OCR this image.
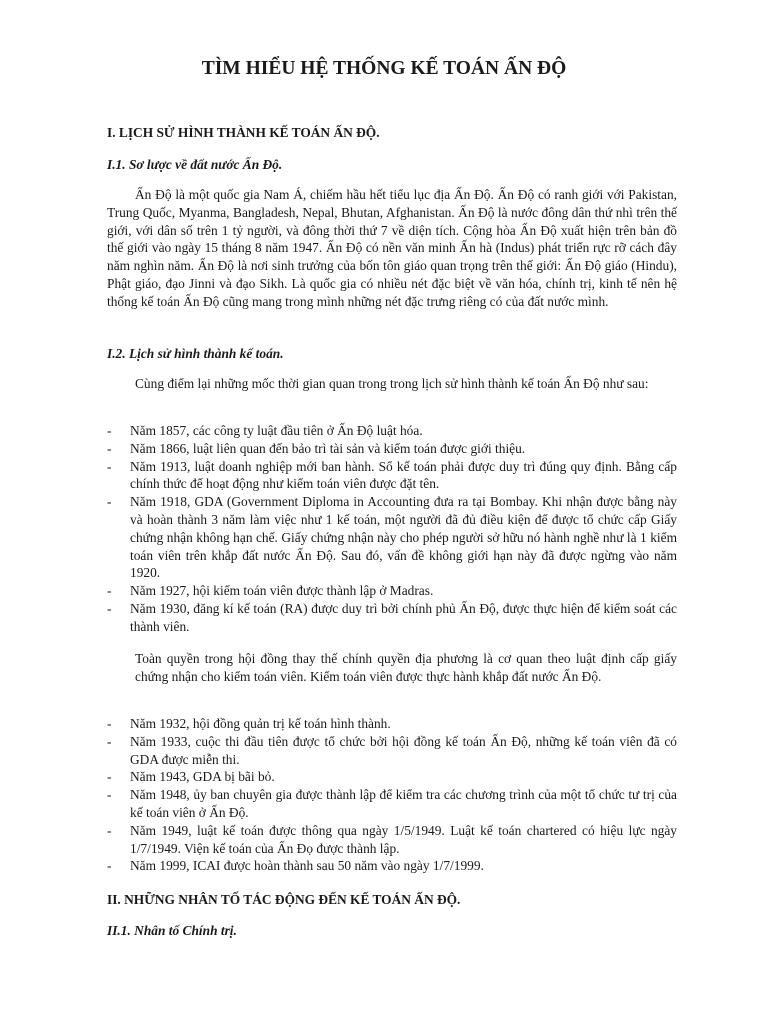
TÌM HIỂU HỆ THỐNG KẾ TOÁN ẤN ĐỘ
I. LỊCH SỬ HÌNH THÀNH KẾ TOÁN ẤN ĐỘ.
I.1. Sơ lược về đất nước Ấn Độ.
Ấn Độ là một quốc gia Nam Á, chiếm hầu hết tiểu lục địa Ấn Độ. Ấn Độ có ranh giới với Pakistan, Trung Quốc, Myanma, Bangladesh, Nepal, Bhutan, Afghanistan. Ấn Độ là nước đông dân thứ nhì trên thế giới, với dân số trên 1 tỷ người, và đông thời thứ 7 về diện tích. Cộng hòa Ấn Độ xuất hiện trên bản đồ thế giới vào ngày 15 tháng 8 năm 1947. Ấn Độ có nền văn minh Ấn hà (Indus) phát triển rực rỡ cách đây năm nghìn năm. Ấn Độ là nơi sinh trưởng của bốn tôn giáo quan trọng trên thế giới: Ấn Độ giáo (Hindu), Phật giáo, đạo Jinni và đạo Sikh. Là quốc gia có nhiều nét đặc biệt về văn hóa, chính trị, kinh tế nên hệ thống kế toán Ấn Độ cũng mang trong mình những nét đặc trưng riêng có của đất nước mình.
I.2. Lịch sử hình thành kế toán.
Cùng điểm lại những mốc thời gian quan trong trong lịch sử hình thành kế toán Ấn Độ như sau:
- Năm 1857, các công ty luật đầu tiên ở Ấn Độ luật hóa.
- Năm 1866, luật liên quan đến bảo trì tài sản và kiểm toán được giới thiệu.
- Năm 1913, luật doanh nghiệp mới ban hành. Sổ kế toán phải được duy trì đúng quy định. Bằng cấp chính thức để hoạt động như kiểm toán viên được đặt tên.
- Năm 1918, GDA (Government Diploma in Accounting đưa ra tại Bombay. Khi nhận được bằng này và hoàn thành 3 năm làm việc như 1 kế toán, một người đã đủ điều kiện để được tổ chức cấp Giấy chứng nhận không hạn chế. Giấy chứng nhận này cho phép người sở hữu nó hành nghề như là 1 kiểm toán viên trên khắp đất nước Ấn Độ. Sau đó, vấn đề không giới hạn này đã được ngừng vào năm 1920.
- Năm 1927, hội kiểm toán viên được thành lập ở Madras.
- Năm 1930, đăng kí kế toán (RA) được duy trì bởi chính phủ Ấn Độ, được thực hiện để kiểm soát các thành viên.
Toàn quyền trong hội đồng thay thế chính quyền địa phương là cơ quan theo luật định cấp giấy chứng nhận cho kiểm toán viên. Kiểm toán viên được thực hành khắp đất nước Ấn Độ.
- Năm 1932, hội đồng quản trị kế toán hình thành.
- Năm 1933, cuộc thi đầu tiên được tổ chức bởi hội đồng kế toán Ấn Độ, những kế toán viên đã có GDA được miễn thi.
- Năm 1943, GDA bị bãi bỏ.
- Năm 1948, ủy ban chuyên gia được thành lập để kiểm tra các chương trình của một tổ chức tư trị của kế toán viên ở Ấn Độ.
- Năm 1949, luật kế toán được thông qua ngày 1/5/1949. Luật kế toán chartered có hiệu lực ngày 1/7/1949. Viện kế toán của Ấn Đọ được thành lập.
- Năm 1999, ICAI được hoàn thành sau 50 năm vào ngày 1/7/1999.
II. NHỮNG NHÂN TỐ TÁC ĐỘNG ĐẾN KẾ TOÁN ẤN ĐỘ.
II.1. Nhân tố Chính trị.
